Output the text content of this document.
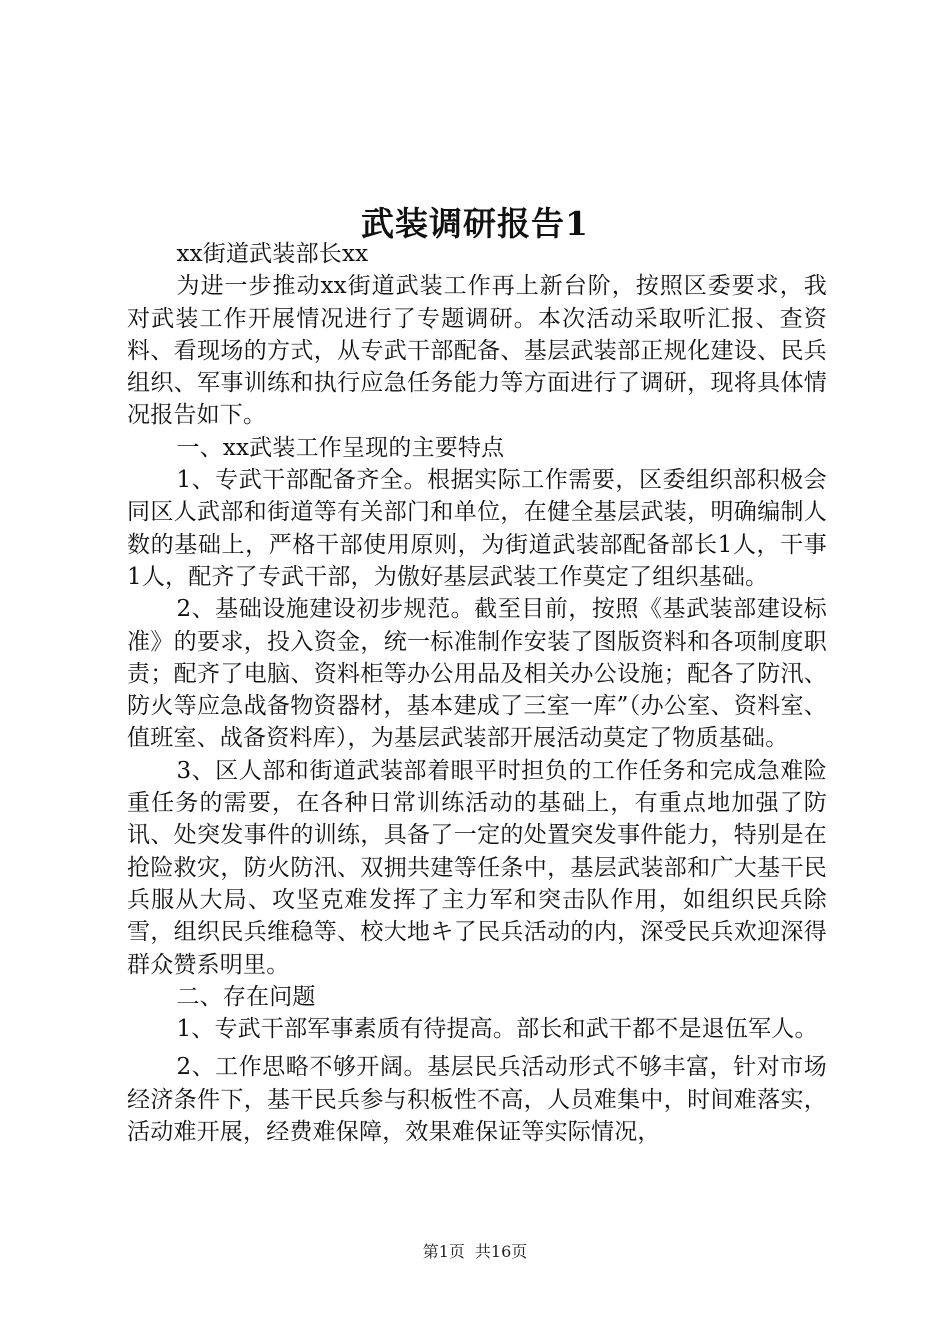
武装调研报告1

xx街道武装部长xx

为进一步推动xx街道武装工作再上新台阶，按照区委要求，我对武装工作开展情况进行了专题调研。本次活动采取听汇报、查资料、看现场的方式，从专武干部配备、基层武装部正规化建设、民兵组织、军事训练和执行应急任务能力等方面进行了调研，现将具体情况报告如下。

一、xx武装工作呈现的主要特点

1、专武干部配备齐全。根据实际工作需要，区委组织部积极会同区人武部和街道等有关部门和单位，在健全基层武装，明确编制人数的基础上，严格干部使用原则，为街道武装部配备部长1人，干事1人，配齐了专武干部，为傲好基层武装工作莫定了组织基础。

2、基础设施建设初步规范。截至目前，按照《基武装部建设标准》的要求，投入资金，统一标准制作安装了图版资料和各项制度职责；配齐了电脑、资料柜等办公用品及相关办公设施；配各了防汛、防火等应急战备物资器材，基本建成了三室一库”（办公室、资料室、值班室、战备资料库），为基层武装部开展活动莫定了物质基础。

3、区人部和街道武装部着眼平时担负的工作任务和完成急难险重任务的需要，在各种日常训练活动的基础上，有重点地加强了防讯、处突发事件的训练，具备了一定的处置突发事件能力，特别是在抢险救灾，防火防汛、双拥共建等任条中，基层武装部和广大基干民兵服从大局、攻坚克难发挥了主力军和突击队作用，如组织民兵除雪，组织民兵维稳等、校大地キ了民兵活动的内，深受民兵欢迎深得群众赞系明里。

二、存在问题

1、专武干部军事素质有待提高。部长和武干都不是退伍军人。

2、工作思略不够开阔。基层民兵活动形式不够丰富，针对市场经济条件下，基干民兵参与积板性不高，人员难集中，时间难落实，活动难开展，经费难保障，效果难保证等实际情况，

第1页 共16页
